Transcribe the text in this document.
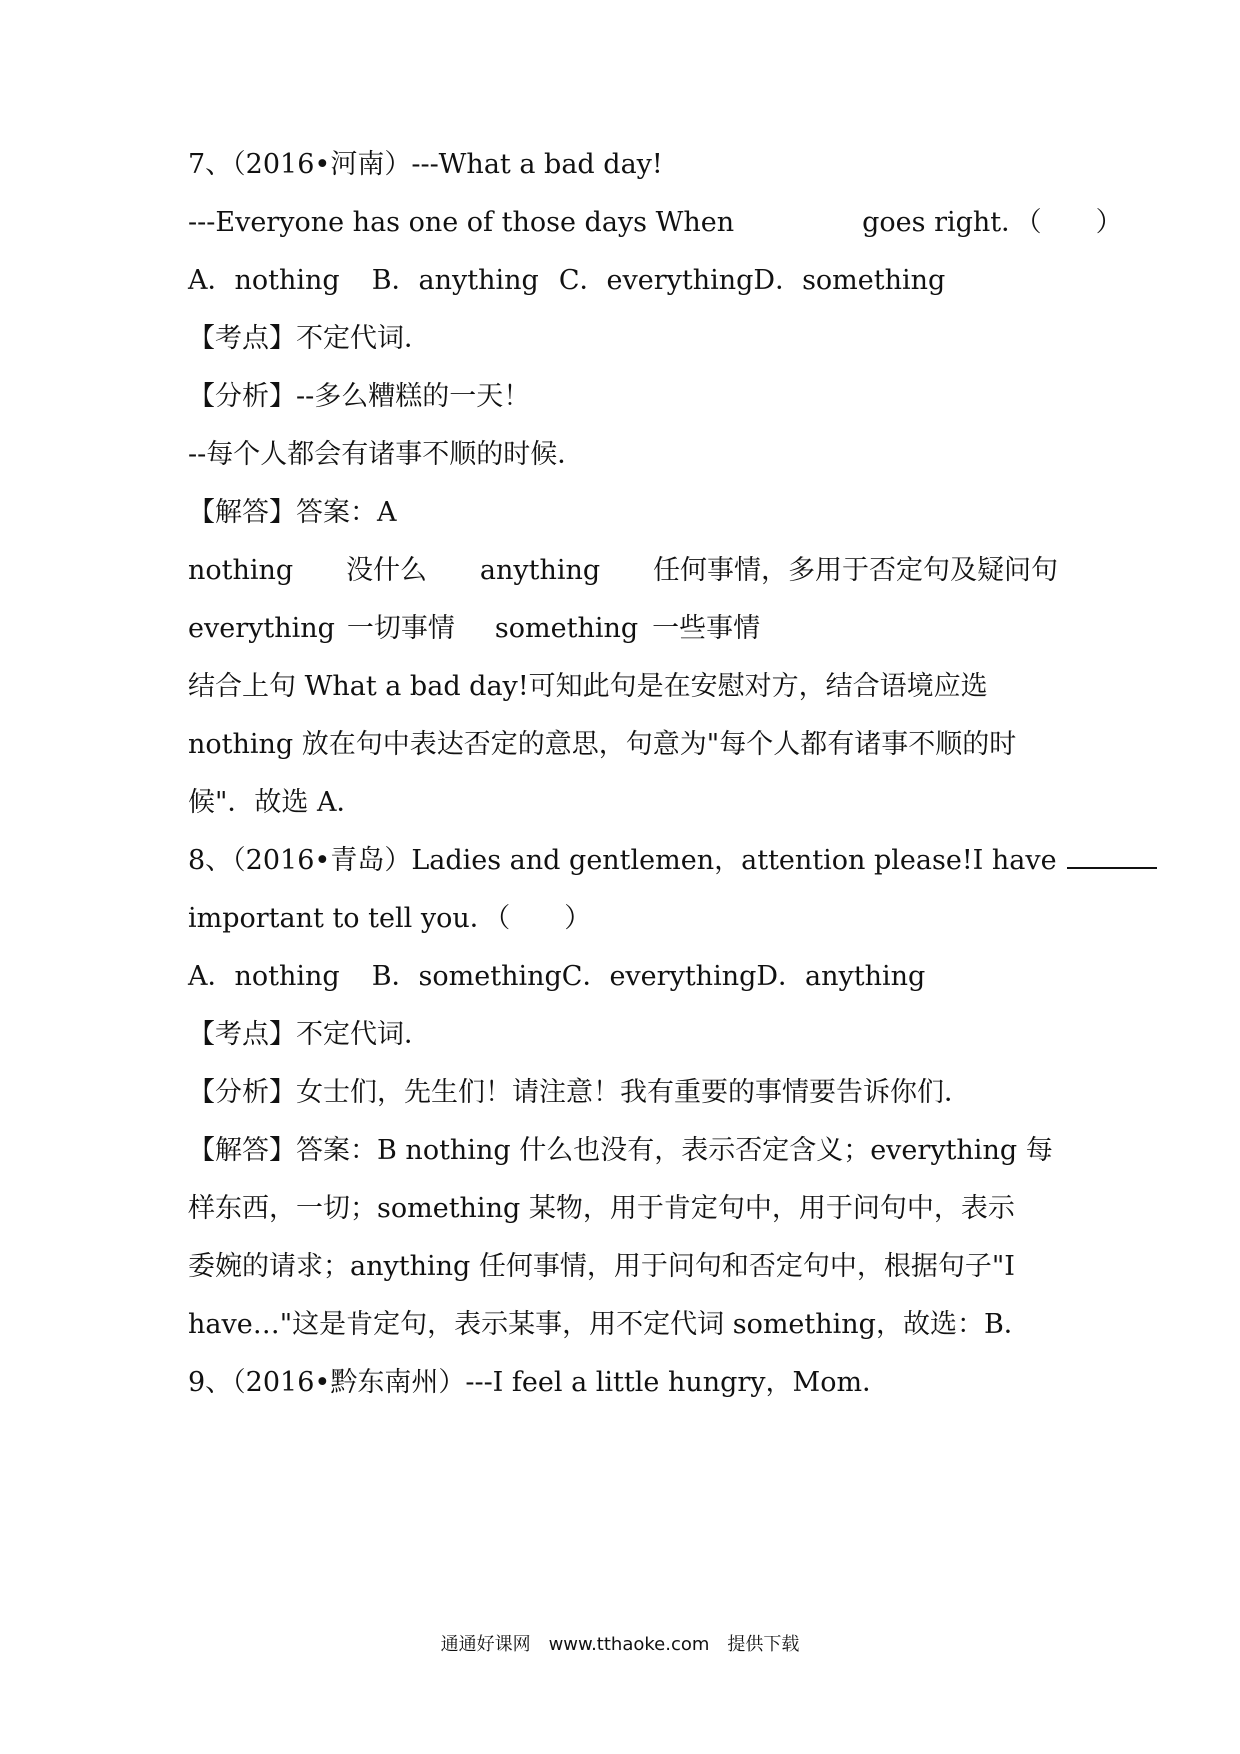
7、（2016•河南）---What a bad day!
---Everyone has one of those days When	goes right．（　　）
A．nothing B．anything C．everythingD．something
【考点】不定代词．
【分析】--多么糟糕的一天！
--每个人都会有诸事不顺的时候．
【解答】答案：A
nothing 没什么 anything 任何事情，多用于否定句及疑问句
everything 一切事情 something 一些事情
结合上句 What a bad day!可知此句是在安慰对方，结合语境应选
nothing 放在句中表达否定的意思，句意为"每个人都有诸事不顺的时
候"．故选 A．
8、（2016•青岛）Ladies and gentlemen，attention please!I have
important to tell you．（　　）
A．nothing B．somethingC．everythingD．anything
【考点】不定代词．
【分析】女士们，先生们！请注意！我有重要的事情要告诉你们．
【解答】答案：B nothing 什么也没有，表示否定含义；everything 每
样东西，一切；something 某物，用于肯定句中，用于问句中，表示
委婉的请求；anything 任何事情，用于问句和否定句中，根据句子"I
have…"这是肯定句，表示某事，用不定代词 something，故选：B．
9、（2016•黔东南州）---I feel a little hungry，Mom．
通通好课网　www.tthaoke.com　提供下载
